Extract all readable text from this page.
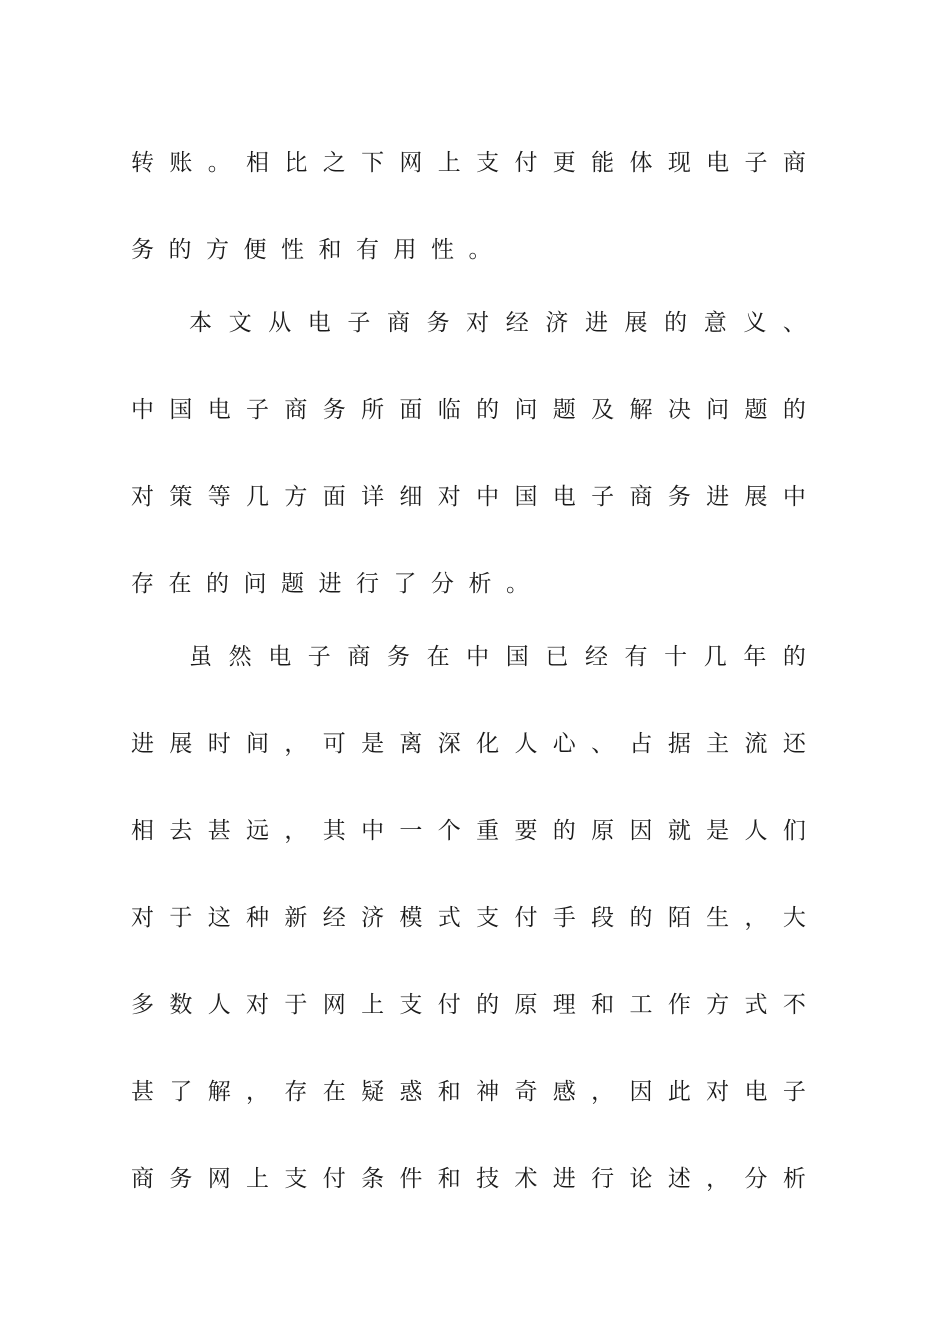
转 账 。 相 比 之 下 网 上 支 付 更 能 体 现 电 子 商
务 的 方 便 性 和 有 用 性 。
本 文 从 电 子 商 务 对 经 济 进 展 的 意 义 、
中 国 电 子 商 务 所 面 临 的 问 题 及 解 决 问 题 的
对 策 等 几 方 面 详 细 对 中 国 电 子 商 务 进 展 中
存 在 的 问 题 进 行 了 分 析 。
虽 然 电 子 商 务 在 中 国 已 经 有 十 几 年 的
进 展 时 间 ， 可 是 离 深 化 人 心 、 占 据 主 流 还
相 去 甚 远 ， 其 中 一 个 重 要 的 原 因 就 是 人 们
对 于 这 种 新 经 济 模 式 支 付 手 段 的 陌 生 ， 大
多 数 人 对 于 网 上 支 付 的 原 理 和 工 作 方 式 不
甚 了 解 ， 存 在 疑 惑 和 神 奇 感 ， 因 此 对 电 子
商 务 网 上 支 付 条 件 和 技 术 进 行 论 述 ， 分 析
